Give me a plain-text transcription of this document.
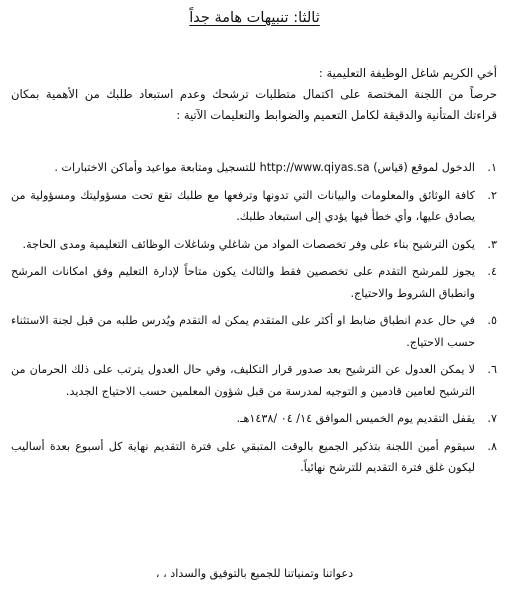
ثالثا: تنبيهات هامة جداً
أخي الكريم شاغل الوظيفة التعليمية :
حرصاً من اللجنة المختصة على اكتمال متطلبات ترشحك وعدم استبعاد طلبك من الأهمية بمكان قراءتك المتأنية والدقيقة لكامل التعميم والضوابط والتعليمات الآتية :
١.
الدخول لموقع (قياس) http://www.qiyas.sa للتسجيل ومتابعة مواعيد وأماكن الاختبارات .
٢.
كافة الوثائق والمعلومات والبيانات التي تدونها وترفعها مع طلبك تقع تحت مسؤوليتك ومسؤولية من يصادق عليها، وأي خطأ فيها يؤدي إلى استبعاد طلبك.
٣.
يكون الترشيح بناء على وفر تخصصات المواد من شاغلي وشاغلات الوظائف التعليمية ومدى الحاجة.
٤.
يجوز للمرشح التقدم على تخصصين فقط والثالث يكون متاحاً لإدارة التعليم وفق امكانات المرشح وانطباق الشروط والاحتياج.
٥.
في حال عدم انطباق ضابط او أكثر على المتقدم يمكن له التقدم ويُدرس طلبه من قبل لجنة الاستثناء حسب الاحتياج.
٦.
لا يمكن العدول عن الترشيح بعد صدور قرار التكليف، وفي حال العدول يترتب على ذلك الحرمان من الترشيح لعامين قادمين و التوجيه لمدرسة من قبل شؤون المعلمين حسب الاحتياج الجديد.
٧.
يقفل التقديم يوم الخميس الموافق ١٤/ ٠٤ /١٤٣٨هـ.
٨.
سيقوم أمين اللجنة بتذكير الجميع بالوقت المتبقي على فترة التقديم نهاية كل أسبوع بعدة أساليب ليكون غلق فترة التقديم للترشح نهائياً.
دعواتنا وتمنياتنا للجميع بالتوفيق والسداد ، ،
